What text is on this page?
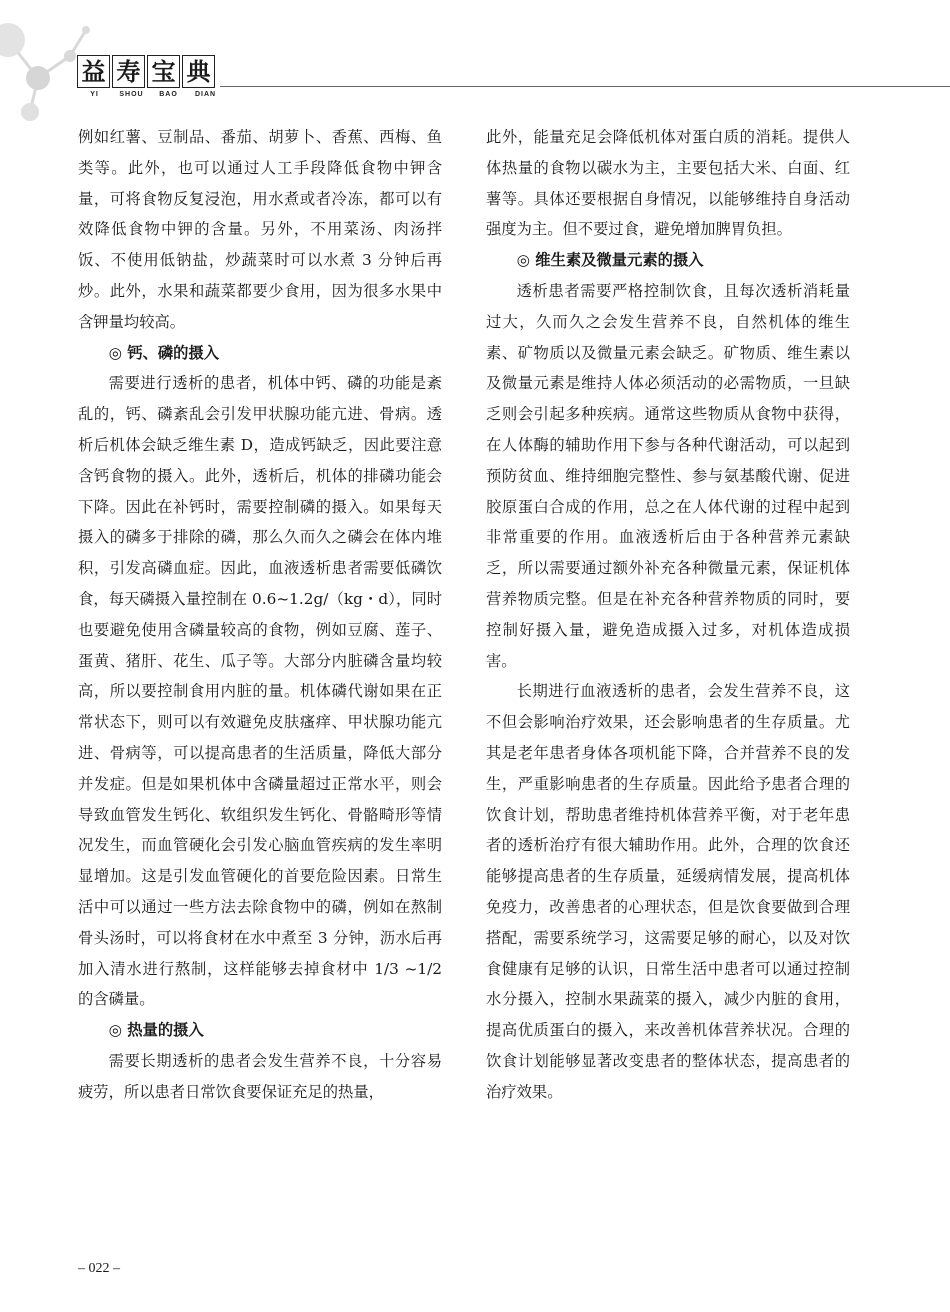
益 寿 宝 典
YI	SHOU	BAO	DIAN

例如红薯、豆制品、番茄、胡萝卜、香蕉、西梅、鱼类等。此外，也可以通过人工手段降低食物中钾含量，可将食物反复浸泡，用水煮或者冷冻，都可以有效降低食物中钾的含量。另外，不用菜汤、肉汤拌饭、不使用低钠盐，炒蔬菜时可以水煮 3 分钟后再炒。此外，水果和蔬菜都要少食用，因为很多水果中含钾量均较高。

◎ 钙、磷的摄入

需要进行透析的患者，机体中钙、磷的功能是紊乱的，钙、磷紊乱会引发甲状腺功能亢进、骨病。透析后机体会缺乏维生素 D，造成钙缺乏，因此要注意含钙食物的摄入。此外，透析后，机体的排磷功能会下降。因此在补钙时，需要控制磷的摄入。如果每天摄入的磷多于排除的磷，那么久而久之磷会在体内堆积，引发高磷血症。因此，血液透析患者需要低磷饮食，每天磷摄入量控制在 0.6~1.2g/（kg・d），同时也要避免使用含磷量较高的食物，例如豆腐、莲子、蛋黄、猪肝、花生、瓜子等。大部分内脏磷含量均较高，所以要控制食用内脏的量。机体磷代谢如果在正常状态下，则可以有效避免皮肤瘙痒、甲状腺功能亢进、骨病等，可以提高患者的生活质量，降低大部分并发症。但是如果机体中含磷量超过正常水平，则会导致血管发生钙化、软组织发生钙化、骨骼畸形等情况发生，而血管硬化会引发心脑血管疾病的发生率明显增加。这是引发血管硬化的首要危险因素。日常生活中可以通过一些方法去除食物中的磷，例如在熬制骨头汤时，可以将食材在水中煮至 3 分钟，沥水后再加入清水进行熬制，这样能够去掉食材中 1/3 ~1/2 的含磷量。

◎ 热量的摄入

需要长期透析的患者会发生营养不良，十分容易疲劳，所以患者日常饮食要保证充足的热量，

此外，能量充足会降低机体对蛋白质的消耗。提供人体热量的食物以碳水为主，主要包括大米、白面、红薯等。具体还要根据自身情况，以能够维持自身活动强度为主。但不要过食，避免增加脾胃负担。

◎ 维生素及微量元素的摄入

透析患者需要严格控制饮食，且每次透析消耗量过大，久而久之会发生营养不良，自然机体的维生素、矿物质以及微量元素会缺乏。矿物质、维生素以及微量元素是维持人体必须活动的必需物质，一旦缺乏则会引起多种疾病。通常这些物质从食物中获得，在人体酶的辅助作用下参与各种代谢活动，可以起到预防贫血、维持细胞完整性、参与氨基酸代谢、促进胶原蛋白合成的作用，总之在人体代谢的过程中起到非常重要的作用。血液透析后由于各种营养元素缺乏，所以需要通过额外补充各种微量元素，保证机体营养物质完整。但是在补充各种营养物质的同时，要控制好摄入量，避免造成摄入过多，对机体造成损害。

长期进行血液透析的患者，会发生营养不良，这不但会影响治疗效果，还会影响患者的生存质量。尤其是老年患者身体各项机能下降，合并营养不良的发生，严重影响患者的生存质量。因此给予患者合理的饮食计划，帮助患者维持机体营养平衡，对于老年患者的透析治疗有很大辅助作用。此外，合理的饮食还能够提高患者的生存质量，延缓病情发展，提高机体免疫力，改善患者的心理状态，但是饮食要做到合理搭配，需要系统学习，这需要足够的耐心，以及对饮食健康有足够的认识，日常生活中患者可以通过控制水分摄入，控制水果蔬菜的摄入，减少内脏的食用，提高优质蛋白的摄入，来改善机体营养状况。合理的饮食计划能够显著改变患者的整体状态，提高患者的治疗效果。

– 022 –
